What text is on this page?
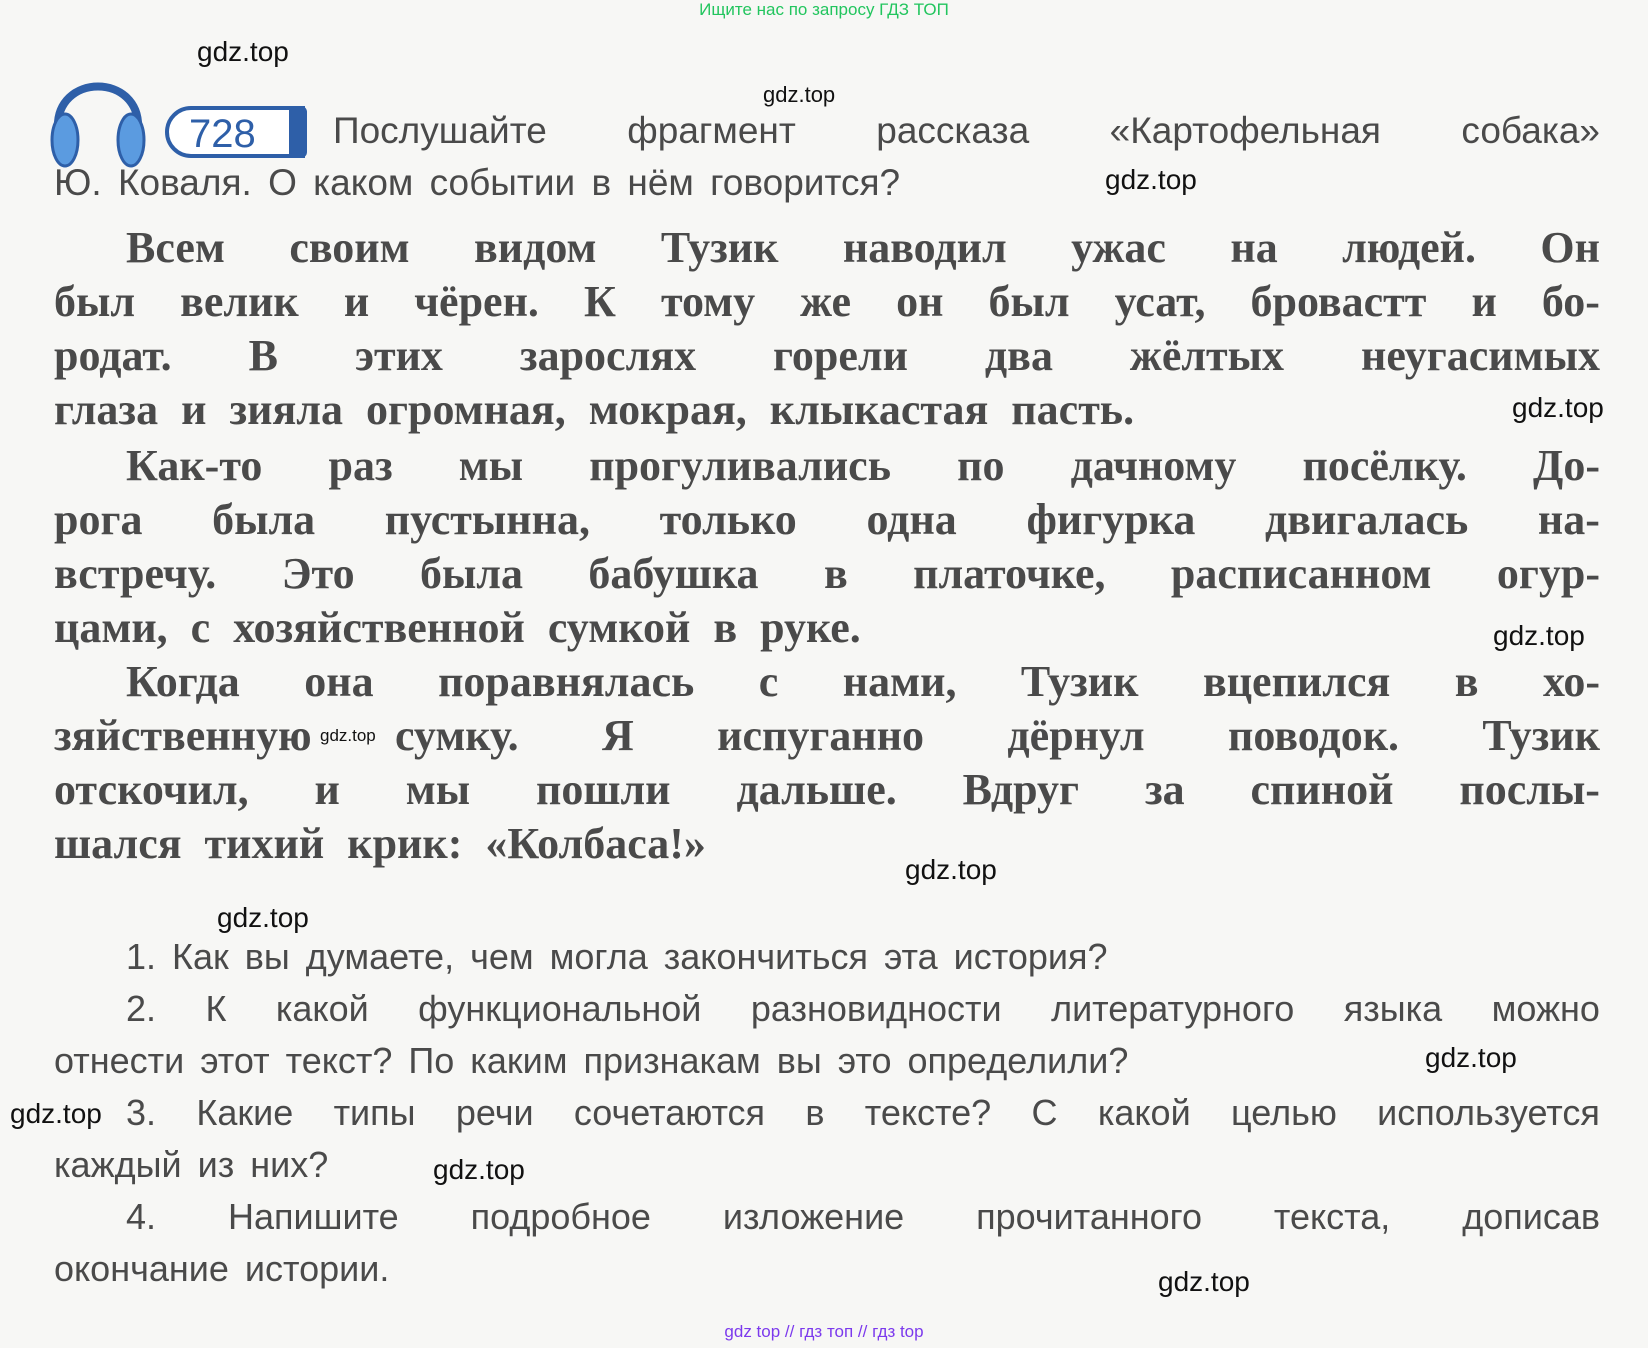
Ищите нас по запросу ГДЗ ТОП
728 Послушайте фрагмент рассказа «Картофельная собака»
Ю. Коваля. О каком событии в нём говорится?
Всем своим видом Тузик наводил ужас на людей. Он
был велик и чёрен. К тому же он был усат, бровастт и бо-
родат. В этих зарослях горели два жёлтых неугасимых
глаза и зияла огромная, мокрая, клыкастая пасть.
Как-то раз мы прогуливались по дачному посёлку. До-
рога была пустынна, только одна фигурка двигалась на-
встречу. Это была бабушка в платочке, расписанном огур-
цами, с хозяйственной сумкой в руке.
Когда она поравнялась с нами, Тузик вцепился в хо-
зяйственную сумку. Я испуганно дёрнул поводок. Тузик
отскочил, и мы пошли дальше. Вдруг за спиной послы-
шался тихий крик: «Колбаса!»
1. Как вы думаете, чем могла закончиться эта история?
2. К какой функциональной разновидности литературного языка можно
отнести этот текст? По каким признакам вы это определили?
3. Какие типы речи сочетаются в тексте? С какой целью используется
каждый из них?
4. Напишите подробное изложение прочитанного текста, дописав
окончание истории.
gdz.top
gdz.top
gdz.top
gdz.top
gdz.top
gdz.top
gdz.top
gdz.top
gdz.top
gdz.top
gdz.top
gdz.top
gdz top // гдз топ // гдз top
